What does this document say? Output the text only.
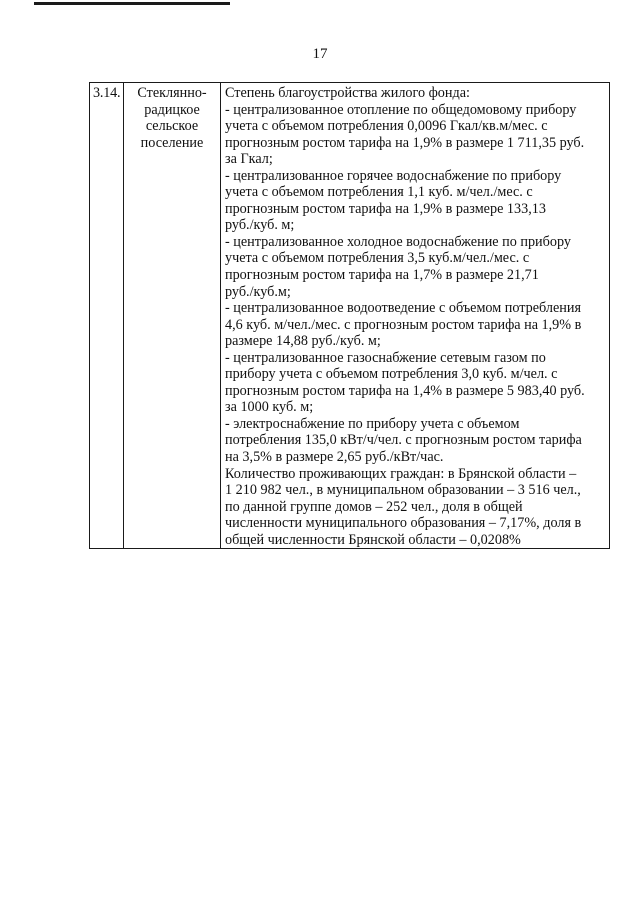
17
3.14.	Стеклянно-
радицкое
сельское
поселение

Степень благоустройства жилого фонда:
- централизованное отопление по общедомовому прибору
учета с объемом потребления 0,0096 Гкал/кв.м/мес. с
прогнозным ростом тарифа на 1,9% в размере 1 711,35 руб.
за Гкал;
- централизованное горячее водоснабжение по прибору
учета с объемом потребления 1,1 куб. м/чел./мес. с
прогнозным ростом тарифа на 1,9% в размере 133,13
руб./куб. м;
- централизованное холодное водоснабжение по прибору
учета с объемом потребления 3,5 куб.м/чел./мес. с
прогнозным ростом тарифа на 1,7% в размере 21,71
руб./куб.м;
- централизованное водоотведение с объемом потребления
4,6 куб. м/чел./мес. с прогнозным ростом тарифа на 1,9% в
размере 14,88 руб./куб. м;
- централизованное газоснабжение сетевым газом по
прибору учета с объемом потребления 3,0 куб. м/чел. с
прогнозным ростом тарифа на 1,4% в размере 5 983,40 руб.
за 1000 куб. м;
- электроснабжение по прибору учета с объемом
потребления 135,0 кВт/ч/чел. с прогнозным ростом тарифа
на 3,5% в размере 2,65 руб./кВт/час.
Количество проживающих граждан: в Брянской области –
1 210 982 чел., в муниципальном образовании – 3 516 чел.,
по данной группе домов – 252 чел., доля в общей
численности муниципального образования – 7,17%, доля в
общей численности Брянской области – 0,0208%
